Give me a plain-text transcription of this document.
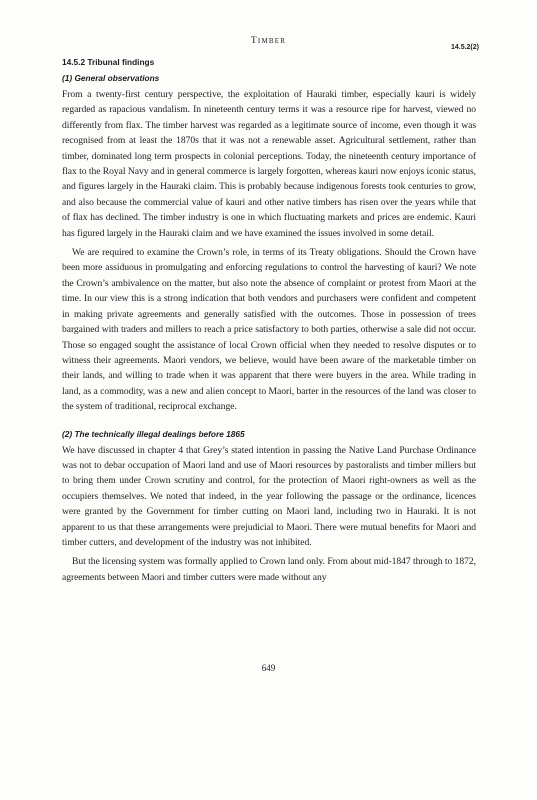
Timber
14.5.2(2)
14.5.2 Tribunal findings
(1) General observations

From a twenty-first century perspective, the exploitation of Hauraki timber, especially kauri is widely regarded as rapacious vandalism. In nineteenth century terms it was a resource ripe for harvest, viewed no differently from flax. The timber harvest was regarded as a legitimate source of income, even though it was recognised from at least the 1870s that it was not a renewable asset. Agricultural settlement, rather than timber, dominated long term prospects in colonial perceptions. Today, the nineteenth century importance of flax to the Royal Navy and in general commerce is largely forgotten, whereas kauri now enjoys iconic status, and figures largely in the Hauraki claim. This is probably because indigenous forests took centuries to grow, and also because the commercial value of kauri and other native timbers has risen over the years while that of flax has declined. The timber industry is one in which fluctuating markets and prices are endemic. Kauri has figured largely in the Hauraki claim and we have examined the issues involved in some detail.

We are required to examine the Crown’s role, in terms of its Treaty obligations. Should the Crown have been more assiduous in promulgating and enforcing regulations to control the harvesting of kauri? We note the Crown’s ambivalence on the matter, but also note the absence of complaint or protest from Maori at the time. In our view this is a strong indication that both vendors and purchasers were confident and competent in making private agreements and generally satisfied with the outcomes. Those in possession of trees bargained with traders and millers to reach a price satisfactory to both parties, otherwise a sale did not occur. Those so engaged sought the assistance of local Crown official when they needed to resolve disputes or to witness their agreements. Maori vendors, we believe, would have been aware of the marketable timber on their lands, and willing to trade when it was apparent that there were buyers in the area. While trading in land, as a commodity, was a new and alien concept to Maori, barter in the resources of the land was closer to the system of traditional, reciprocal exchange.

(2) The technically illegal dealings before 1865

We have discussed in chapter 4 that Grey’s stated intention in passing the Native Land Purchase Ordinance was not to debar occupation of Maori land and use of Maori resources by pastoralists and timber millers but to bring them under Crown scrutiny and control, for the protection of Maori right-owners as well as the occupiers themselves. We noted that indeed, in the year following the passage or the ordinance, licences were granted by the Government for timber cutting on Maori land, including two in Hauraki. It is not apparent to us that these arrangements were prejudicial to Maori. There were mutual benefits for Maori and timber cutters, and development of the industry was not inhibited.

But the licensing system was formally applied to Crown land only. From about mid-1847 through to 1872, agreements between Maori and timber cutters were made without any

649
